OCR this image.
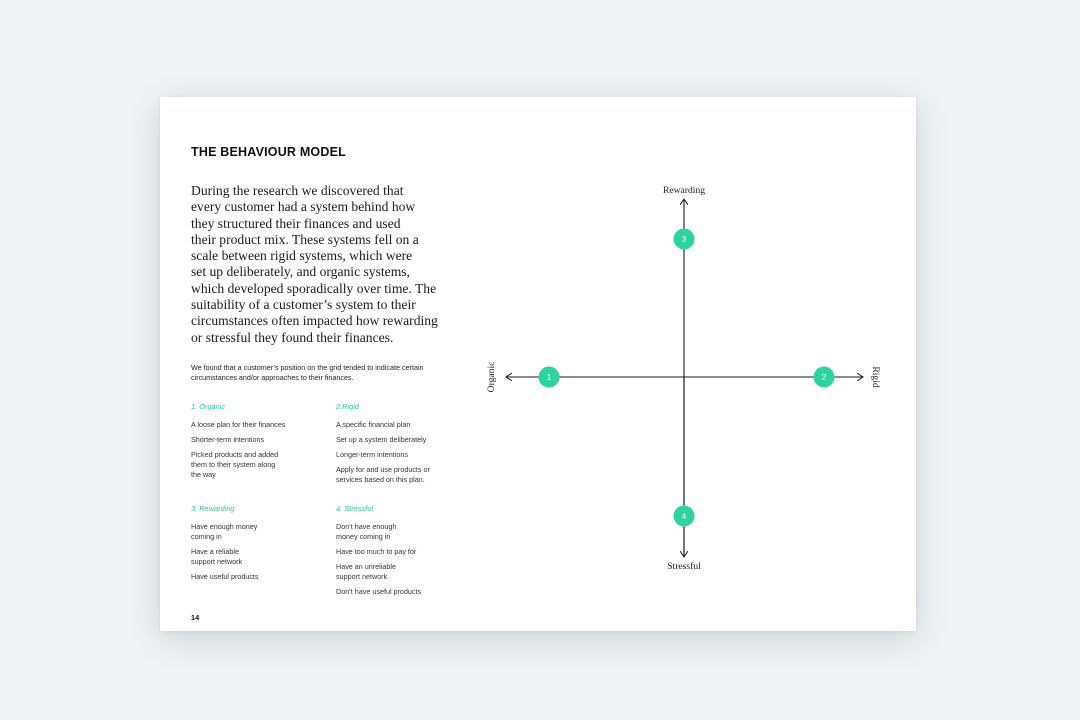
THE BEHAVIOUR MODEL
During the research we discovered that
every customer had a system behind how
they structured their finances and used
their product mix. These systems fell on a
scale between rigid systems, which were
set up deliberately, and organic systems,
which developed sporadically over time. The
suitability of a customer’s system to their
circumstances often impacted how rewarding
or stressful they found their finances.
We found that a customer’s position on the grid tended to indicate certain circumstances and/or approaches to their finances.
1. Organic
A loose plan for their finances
Shorter-term intentions
Picked products and added
them to their system along
the way
2.Rigid
A specific financial plan
Set up a system deliberately
Longer-term intentions
Apply for and use products or
services based on this plan.
3. Rewarding
Have enough money
coming in
Have a reliable
support network
Have useful products
4. Stressful
Don’t have enough
money coming in
Have too much to pay for
Have an unreliable
support network
Don’t have useful products
14
Rewarding
Stressful
Organic	Rigid
1	2
3
4
